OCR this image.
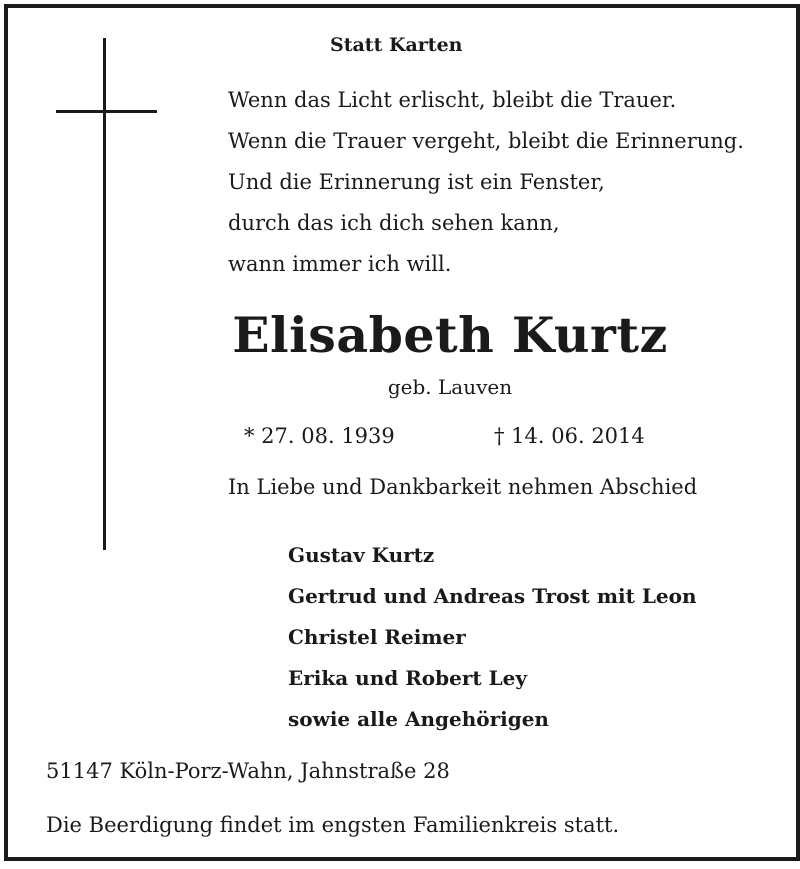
Statt Karten
Wenn das Licht erlischt, bleibt die Trauer.
Wenn die Trauer vergeht, bleibt die Erinnerung.
Und die Erinnerung ist ein Fenster,
durch das ich dich sehen kann,
wann immer ich will.
Elisabeth Kurtz
geb. Lauven
* 27. 08. 1939	† 14. 06. 2014
In Liebe und Dankbarkeit nehmen Abschied
Gustav Kurtz
Gertrud und Andreas Trost mit Leon
Christel Reimer
Erika und Robert Ley
sowie alle Angehörigen
51147 Köln-Porz-Wahn, Jahnstraße 28
Die Beerdigung findet im engsten Familienkreis statt.
